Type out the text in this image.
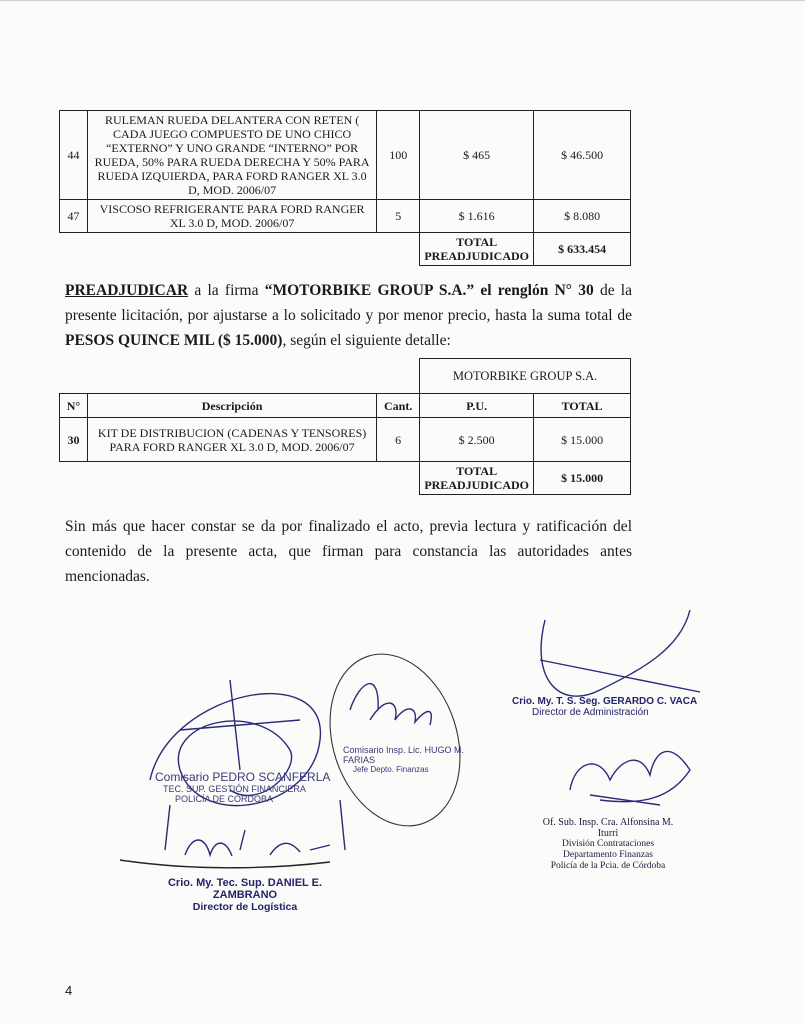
44	RULEMAN RUEDA DELANTERA CON RETEN ( CADA JUEGO COMPUESTO DE UNO CHICO “EXTERNO” Y UNO GRANDE “INTERNO” POR RUEDA, 50% PARA RUEDA DERECHA Y 50% PARA RUEDA IZQUIERDA, PARA FORD RANGER XL 3.0 D, MOD. 2006/07	100	$ 465	$ 46.500
47	VISCOSO REFRIGERANTE PARA FORD RANGER XL 3.0 D, MOD. 2006/07	5	$ 1.616	$ 8.080
			TOTAL PREADJUDICADO	$ 633.454
PREADJUDICAR a la firma “MOTORBIKE GROUP S.A.” el renglón N° 30 de la presente licitación, por ajustarse a lo solicitado y por menor precio, hasta la suma total de PESOS QUINCE MIL ($ 15.000), según el siguiente detalle:
			MOTORBIKE GROUP S.A.	
N°	Descripción	Cant.	P.U.	TOTAL
30	KIT DE DISTRIBUCION (CADENAS Y TENSORES) PARA FORD RANGER XL 3.0 D, MOD. 2006/07	6	$ 2.500	$ 15.000
			TOTAL PREADJUDICADO	$ 15.000
Sin más que hacer constar se da por finalizado el acto, previa lectura y ratificación del contenido de la presente acta, que firman para constancia las autoridades antes mencionadas.
Comisario PEDRO SCANFERLA
TEC. SUP. GESTIÓN FINANCIERA
POLICÍA DE CÓRDOBA
Crio. My. Tec. Sup. DANIEL E. ZAMBRANO
Director de Logística
Comisario Insp. Lic. HUGO M. FARIAS
Jefe Depto. Finanzas
Crio. My. T. S. Seg. GERARDO C. VACA
Director de Administración
Of. Sub. Insp. Cra. Alfonsina M. Iturri
División Contrataciones
Departamento Finanzas
Policía de la Pcia. de Córdoba
4
